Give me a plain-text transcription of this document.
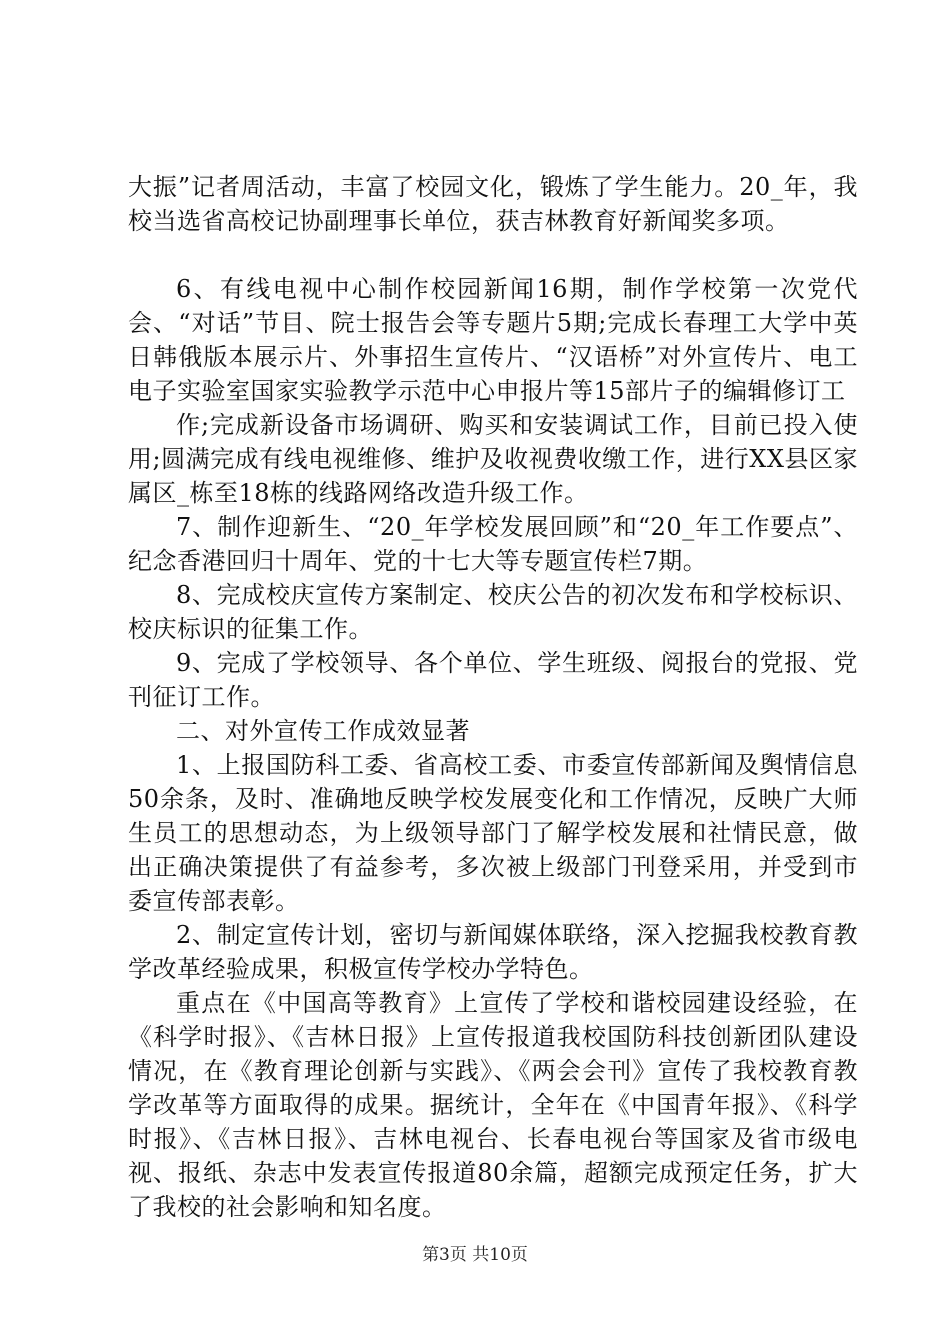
大振”记者周活动，丰富了校园文化，锻炼了学生能力。20_年，我校当选省高校记协副理事长单位，获吉林教育好新闻奖多项。

6、有线电视中心制作校园新闻16期，制作学校第一次党代会、“对话”节目、院士报告会等专题片5期;完成长春理工大学中英日韩俄版本展示片、外事招生宣传片、“汉语桥”对外宣传片、电工电子实验室国家实验教学示范中心申报片等15部片子的编辑修订工

作;完成新设备市场调研、购买和安装调试工作，目前已投入使用;圆满完成有线电视维修、维护及收视费收缴工作，进行XX县区家属区_栋至18栋的线路网络改造升级工作。

7、制作迎新生、“20_年学校发展回顾”和“20_年工作要点”、纪念香港回归十周年、党的十七大等专题宣传栏7期。

8、完成校庆宣传方案制定、校庆公告的初次发布和学校标识、校庆标识的征集工作。

9、完成了学校领导、各个单位、学生班级、阅报台的党报、党刊征订工作。

二、对外宣传工作成效显著

1、上报国防科工委、省高校工委、市委宣传部新闻及舆情信息50余条，及时、准确地反映学校发展变化和工作情况，反映广大师生员工的思想动态，为上级领导部门了解学校发展和社情民意，做出正确决策提供了有益参考，多次被上级部门刊登采用，并受到市委宣传部表彰。

2、制定宣传计划，密切与新闻媒体联络，深入挖掘我校教育教学改革经验成果，积极宣传学校办学特色。

重点在《中国高等教育》上宣传了学校和谐校园建设经验，在《科学时报》、《吉林日报》上宣传报道我校国防科技创新团队建设情况，在《教育理论创新与实践》、《两会会刊》宣传了我校教育教学改革等方面取得的成果。据统计，全年在《中国青年报》、《科学时报》、《吉林日报》、吉林电视台、长春电视台等国家及省市级电视、报纸、杂志中发表宣传报道80余篇，超额完成预定任务，扩大了我校的社会影响和知名度。

第3页 共10页
